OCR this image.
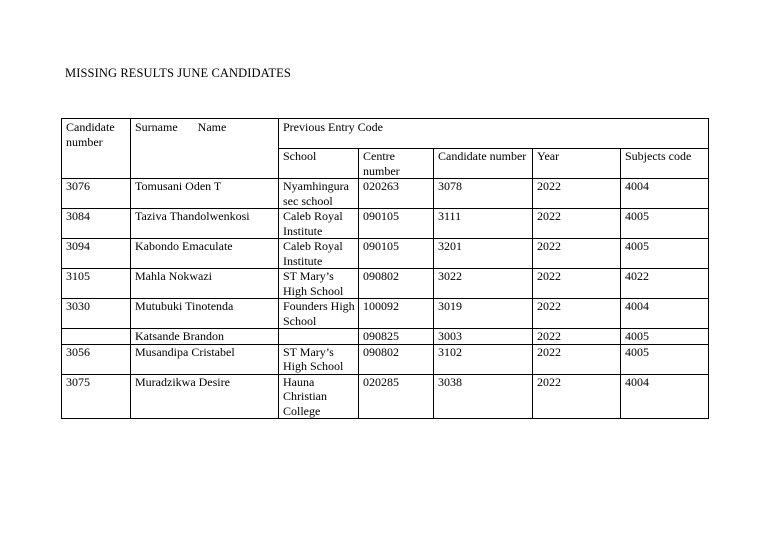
MISSING RESULTS JUNE CANDIDATES
Candidate number	Surname Name	Previous Entry Code				
		School	Centre number	Candidate number	Year	Subjects code
3076	Tomusani Oden T	Nyamhingura sec school	020263	3078	2022	4004
3084	Taziva Thandolwenkosi	Caleb Royal Institute	090105	3111	2022	4005
3094	Kabondo Emaculate	Caleb Royal Institute	090105	3201	2022	4005
3105	Mahla Nokwazi	ST Mary’s High School	090802	3022	2022	4022
3030	Mutubuki Tinotenda	Founders High School	100092	3019	2022	4004
	Katsande Brandon		090825	3003	2022	4005
3056	Musandipa Cristabel	ST Mary’s High School	090802	3102	2022	4005
3075	Muradzikwa Desire	Hauna Christian College	020285	3038	2022	4004
